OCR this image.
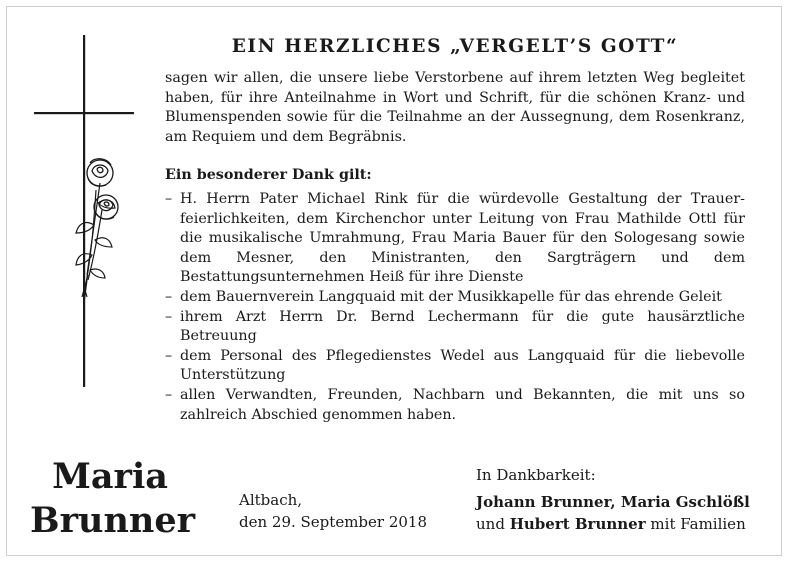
EIN HERZLICHES „VERGELT’S GOTT“
sagen wir allen, die unsere liebe Verstorbene auf ihrem letzten Weg begleitet haben, für ihre Anteilnahme in Wort und Schrift, für die schönen Kranz- und Blumenspenden sowie für die Teilnahme an der Aussegnung, dem Rosenkranz, am Requiem und dem Begräbnis.
Ein besonderer Dank gilt:
– H. Herrn Pater Michael Rink für die würdevolle Gestaltung der Trauerfeierlichkeiten, dem Kirchenchor unter Leitung von Frau Mathilde Ottl für die musikalische Umrahmung, Frau Maria Bauer für den Sologesang sowie dem Mesner, den Ministranten, den Sargträgern und dem Bestattungsunternehmen Heiß für ihre Dienste
– dem Bauernverein Langquaid mit der Musikkapelle für das ehrende Geleit
– ihrem Arzt Herrn Dr. Bernd Lechermann für die gute hausärztliche Betreuung
– dem Personal des Pflegedienstes Wedel aus Langquaid für die liebevolle Unterstützung
– allen Verwandten, Freunden, Nachbarn und Bekannten, die mit uns so zahlreich Abschied genommen haben.
Maria
Brunner	Altbach,
den 29. September 2018
In Dankbarkeit:
Johann Brunner, Maria Gschlößl
und Hubert Brunner mit Familien
